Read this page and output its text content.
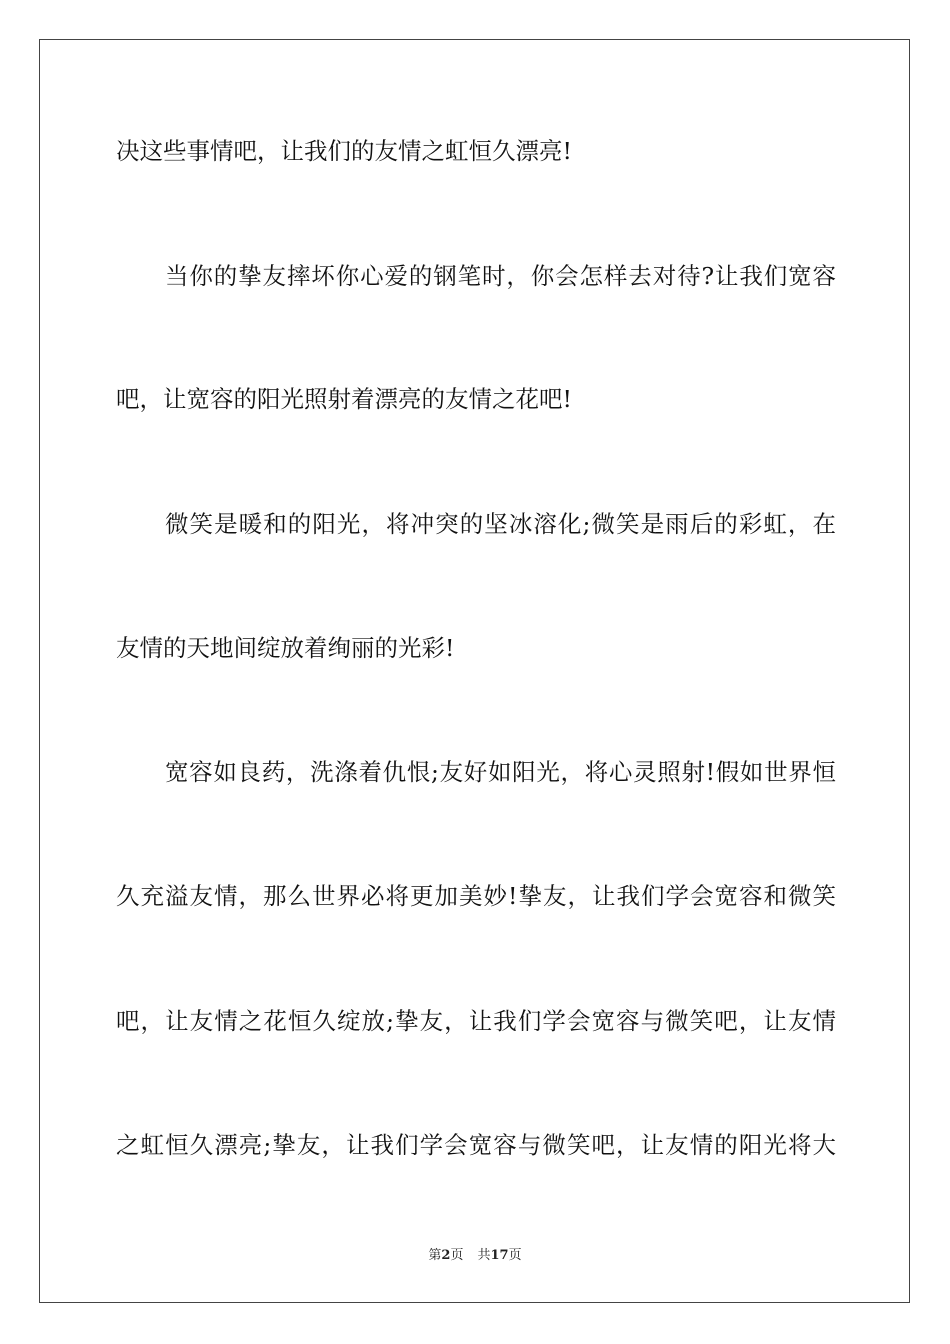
决这些事情吧，让我们的友情之虹恒久漂亮!
当你的挚友摔坏你心爱的钢笔时，你会怎样去对待?让我们宽容
吧，让宽容的阳光照射着漂亮的友情之花吧!
微笑是暖和的阳光，将冲突的坚冰溶化;微笑是雨后的彩虹，在
友情的天地间绽放着绚丽的光彩!
宽容如良药，洗涤着仇恨;友好如阳光，将心灵照射!假如世界恒
久充溢友情，那么世界必将更加美妙!挚友，让我们学会宽容和微笑
吧，让友情之花恒久绽放;挚友，让我们学会宽容与微笑吧，让友情
之虹恒久漂亮;挚友，让我们学会宽容与微笑吧，让友情的阳光将大
第2页 共17页
